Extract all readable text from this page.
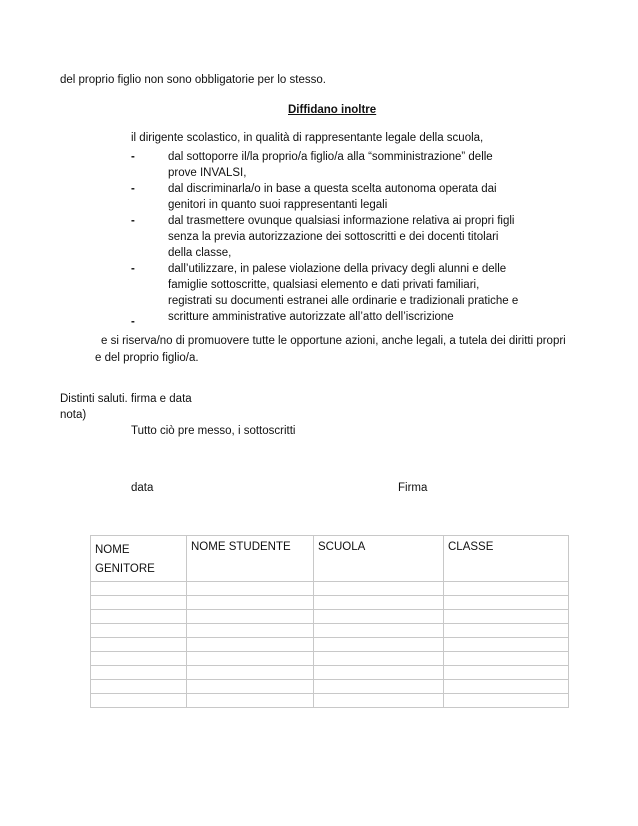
del proprio figlio non sono obbligatorie per lo stesso.
Diffidano inoltre
il dirigente scolastico, in qualità di rappresentante legale della scuola,
-	dal sottoporre il/la proprio/a figlio/a alla “somministrazione” delle
prove INVALSI,
-	dal discriminarla/o in base a questa scelta autonoma operata dai
genitori in quanto suoi rappresentanti legali
-	dal trasmettere ovunque qualsiasi informazione relativa ai propri figli
senza la previa autorizzazione dei sottoscritti e dei docenti titolari
della classe,
-	dall’utilizzare, in palese violazione della privacy degli alunni e delle
famiglie sottoscritte, qualsiasi elemento e dati privati familiari,
registrati su documenti estranei alle ordinarie e tradizionali pratiche e
scritture amministrative autorizzate all’atto dell’iscrizione
-
e si riserva/no di promuovere tutte le opportune azioni, anche legali, a tutela dei diritti propri
e del proprio figlio/a.
Distinti saluti. firma e data
nota)
Tutto ciò pre messo, i sottoscritti
data	Firma
NOME
GENITORE	NOME STUDENTE	SCUOLA	CLASSE
